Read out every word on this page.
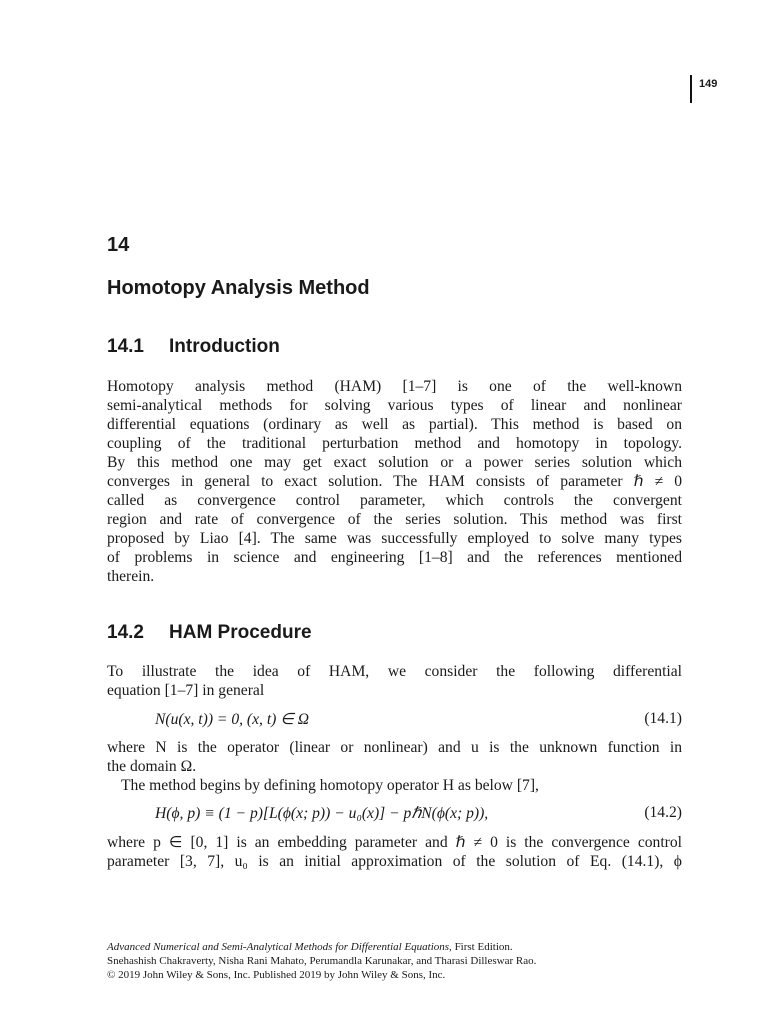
149
14
Homotopy Analysis Method
14.1 Introduction
Homotopy analysis method (HAM) [1–7] is one of the well-known
semi-analytical methods for solving various types of linear and nonlinear
differential equations (ordinary as well as partial). This method is based on
coupling of the traditional perturbation method and homotopy in topology.
By this method one may get exact solution or a power series solution which
converges in general to exact solution. The HAM consists of parameter ℏ ≠ 0
called as convergence control parameter, which controls the convergent
region and rate of convergence of the series solution. This method was first
proposed by Liao [4]. The same was successfully employed to solve many types
of problems in science and engineering [1–8] and the references mentioned
therein.
14.2 HAM Procedure
To illustrate the idea of HAM, we consider the following differential
equation [1–7] in general
N(u(x, t)) = 0, (x, t) ∈ Ω	(14.1)
where N is the operator (linear or nonlinear) and u is the unknown function in
the domain Ω.
The method begins by defining homotopy operator H as below [7],
H(ϕ, p) ≡ (1 − p)[L(ϕ(x; p)) − u₀(x)] − pℏN(ϕ(x; p)),	(14.2)
where p ∈ [0, 1] is an embedding parameter and ℏ ≠ 0 is the convergence control
parameter [3, 7], u₀ is an initial approximation of the solution of Eq. (14.1), ϕ
Advanced Numerical and Semi-Analytical Methods for Differential Equations, First Edition.
Snehashish Chakraverty, Nisha Rani Mahato, Perumandla Karunakar, and Tharasi Dilleswar Rao.
© 2019 John Wiley & Sons, Inc. Published 2019 by John Wiley & Sons, Inc.
